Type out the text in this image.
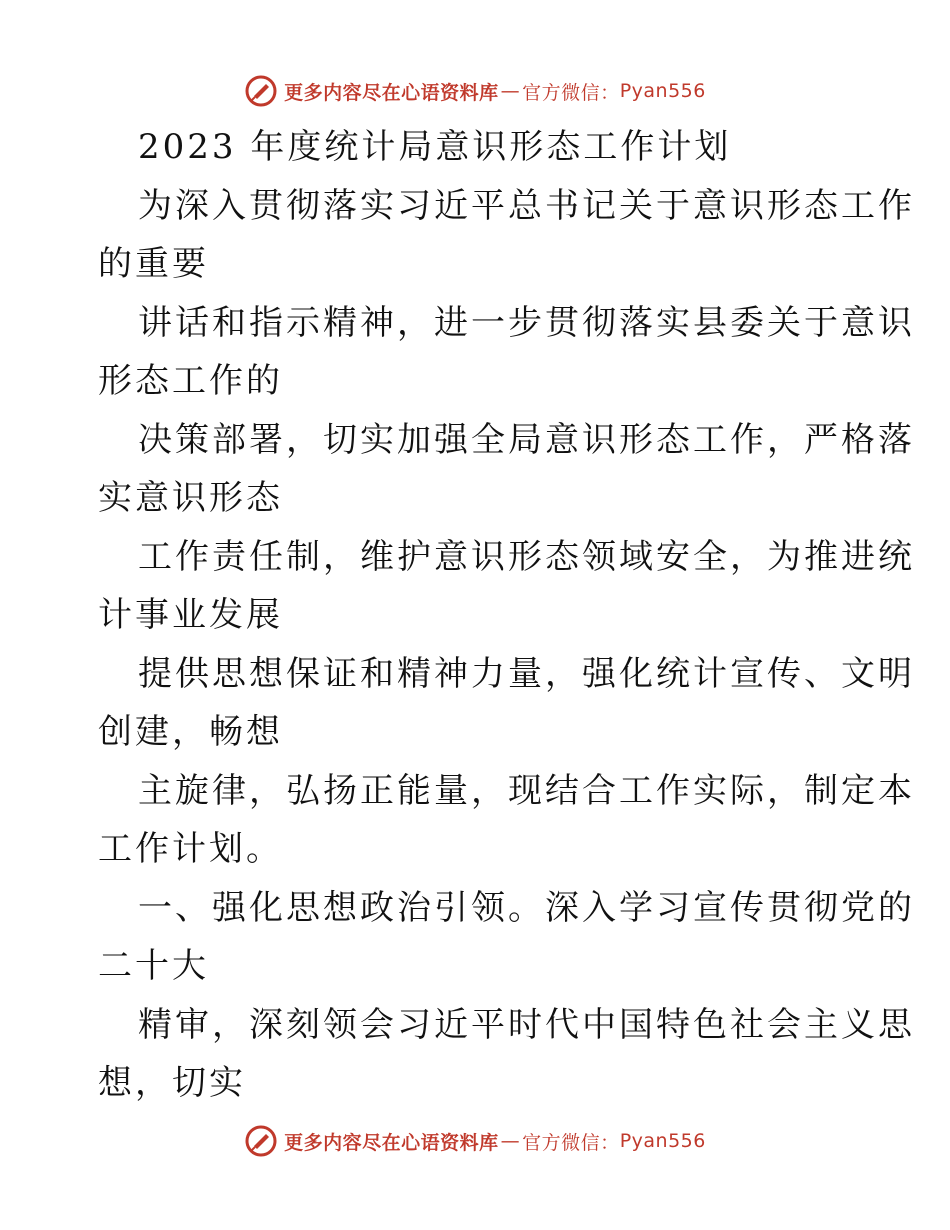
更多内容尽在心语资料库 — 官方微信： Pyan556
2023 年度统计局意识形态工作计划
为深入贯彻落实习近平总书记关于意识形态工作
的重要
讲话和指示精神，进一步贯彻落实县委关于意识
形态工作的
决策部署，切实加强全局意识形态工作，严格落
实意识形态
工作责任制，维护意识形态领域安全，为推进统
计事业发展
提供思想保证和精神力量，强化统计宣传、文明
创建，畅想
主旋律，弘扬正能量，现结合工作实际，制定本
工作计划。
一、强化思想政治引领。深入学习宣传贯彻党的
二十大
精审，深刻领会习近平时代中国特色社会主义思
想，切实
更多内容尽在心语资料库 — 官方微信： Pyan556
